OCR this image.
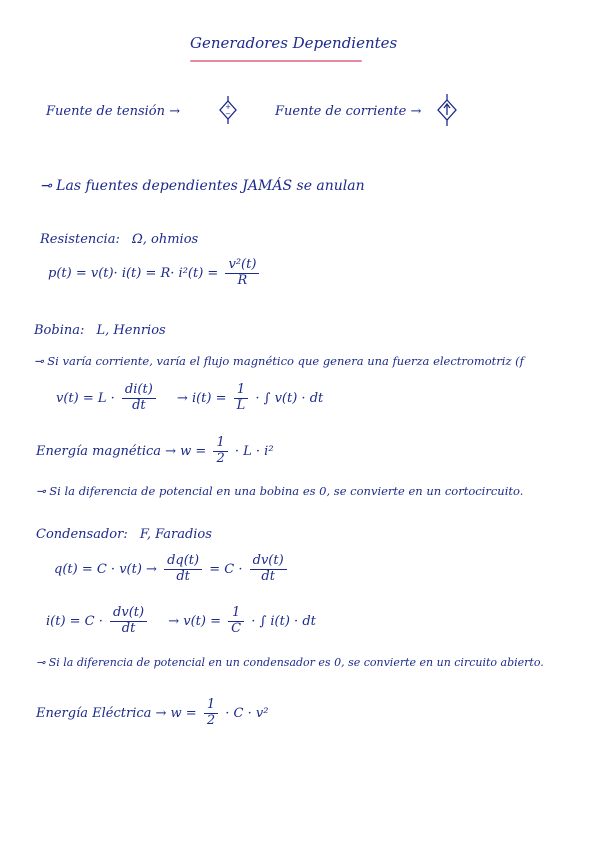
Generadores Dependientes
Fuente de tensión →	+
−	Fuente de corriente →
⊸ Las fuentes dependientes JAMÁS se anulan
Resistencia: Ω, ohmios
$p(t) = v(t)\cdot i(t) = R\cdot i^2(t) = \frac{\text{v²(t)}}{R}$
Bobina: L, Henrios
⊸ Si varía corriente, varía el flujo magnético que genera una fuerza electromotriz (f
$v(t) = L \cdot \frac{di(t)}{dt} \to i(t) = \frac{1}{L}$ · ∫ v(t) · dt
Energía magnética → $w = \frac{1}{2} \cdot L \cdot i^2$
⊸ Si la diferencia de potencial en una bobina es 0, se convierte en un cortocircuito.
Condensador: F, Faradios
$q(t) = C \cdot v(t) \to \frac{dq(t)}{dt} = C \cdot \frac{dv(t)}{dt}$
$i(t) = C \cdot \frac{dv(t)}{dt} \to v(t) = \frac{1}{C}$ · ∫ i(t) · dt
⊸ Si la diferencia de potencial en un condensador es 0, se convierte en un circuito abierto.
Energía Eléctrica → $w = \frac{1}{2} \cdot C \cdot v^2$
